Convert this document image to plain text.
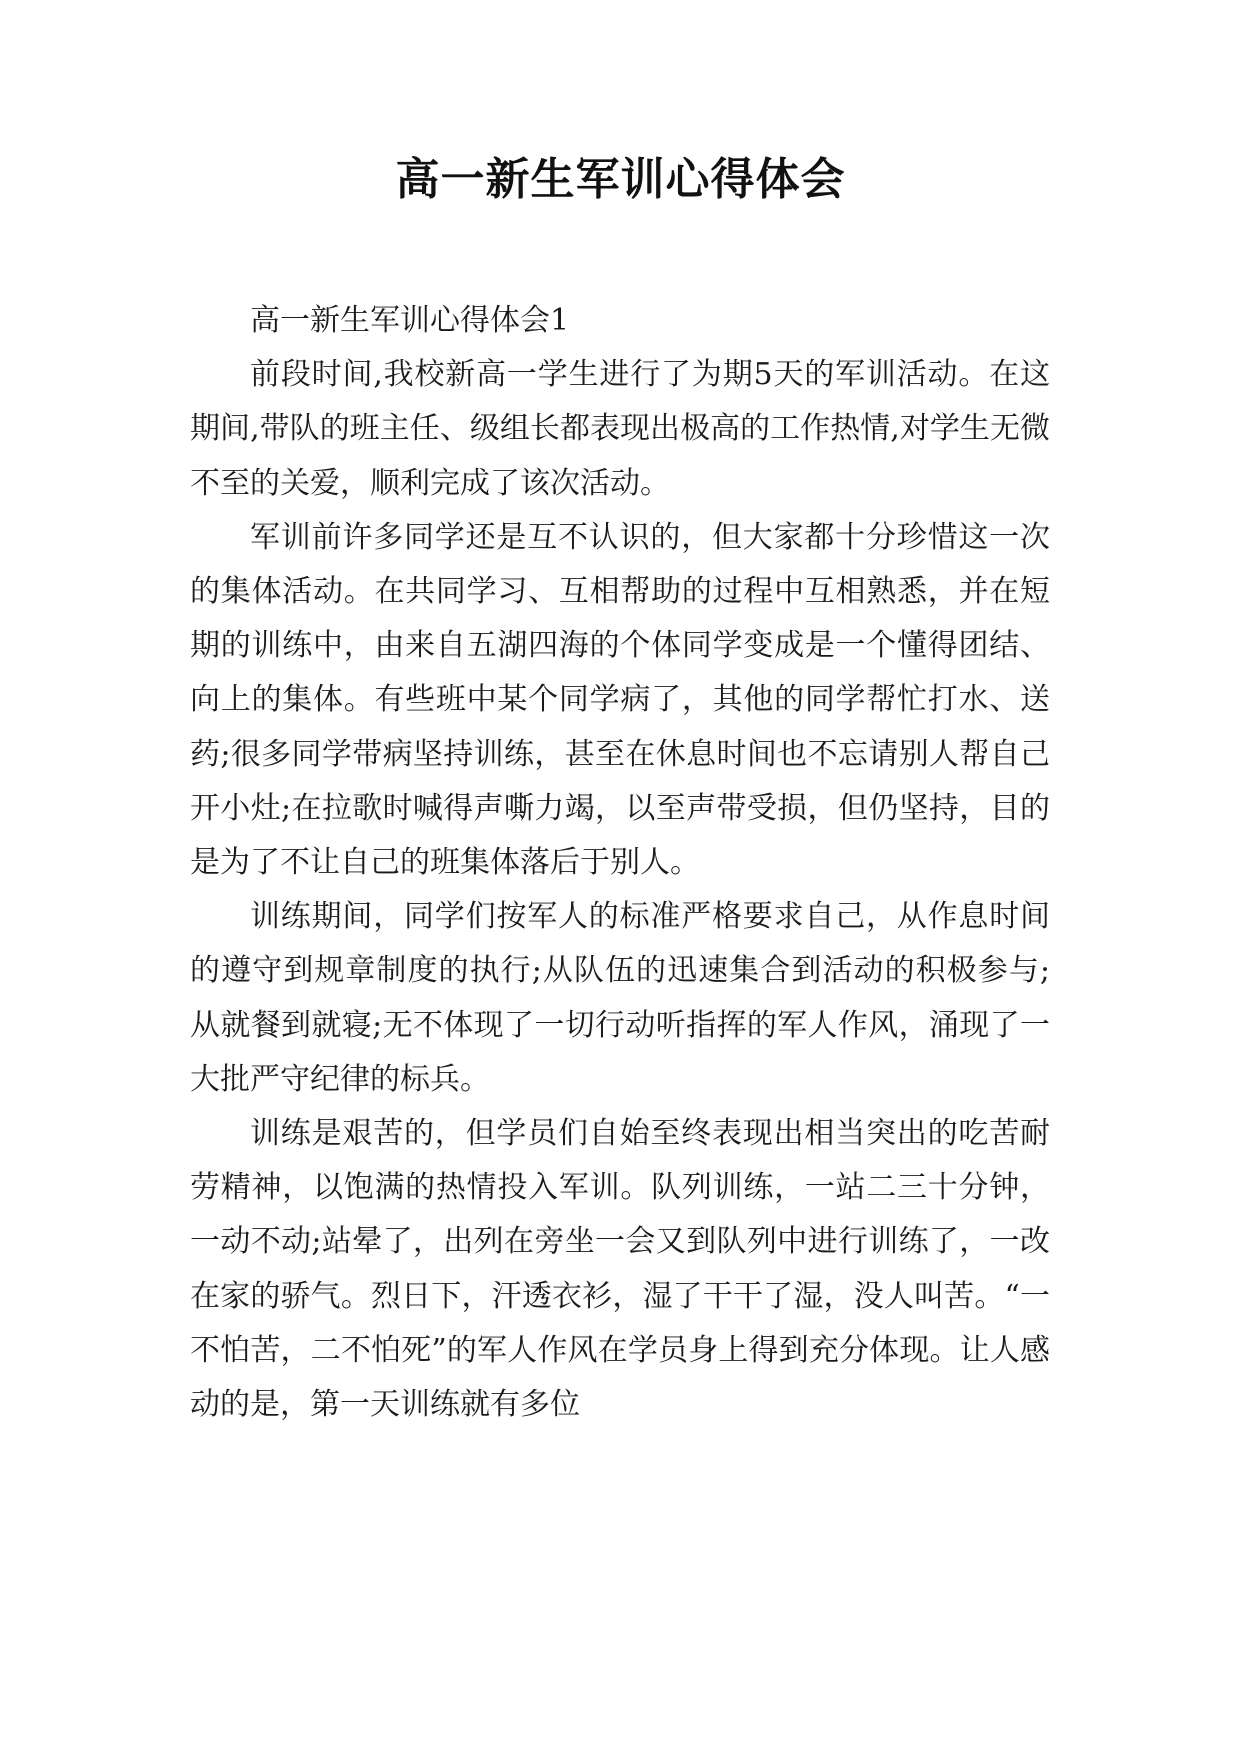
高一新生军训心得体会

高一新生军训心得体会1

前段时间,我校新高一学生进行了为期5天的军训活动。在这期间,带队的班主任、级组长都表现出极高的工作热情,对学生无微不至的关爱，顺利完成了该次活动。

军训前许多同学还是互不认识的，但大家都十分珍惜这一次的集体活动。在共同学习、互相帮助的过程中互相熟悉，并在短期的训练中，由来自五湖四海的个体同学变成是一个懂得团结、向上的集体。有些班中某个同学病了，其他的同学帮忙打水、送药;很多同学带病坚持训练，甚至在休息时间也不忘请别人帮自己开小灶;在拉歌时喊得声嘶力竭，以至声带受损，但仍坚持，目的是为了不让自己的班集体落后于别人。

训练期间，同学们按军人的标准严格要求自己，从作息时间的遵守到规章制度的执行;从队伍的迅速集合到活动的积极参与;从就餐到就寝;无不体现了一切行动听指挥的军人作风，涌现了一大批严守纪律的标兵。

训练是艰苦的，但学员们自始至终表现出相当突出的吃苦耐劳精神，以饱满的热情投入军训。队列训练，一站二三十分钟，一动不动;站晕了，出列在旁坐一会又到队列中进行训练了，一改在家的骄气。烈日下，汗透衣衫，湿了干干了湿，没人叫苦。“一不怕苦，二不怕死”的军人作风在学员身上得到充分体现。让人感动的是，第一天训练就有多位
